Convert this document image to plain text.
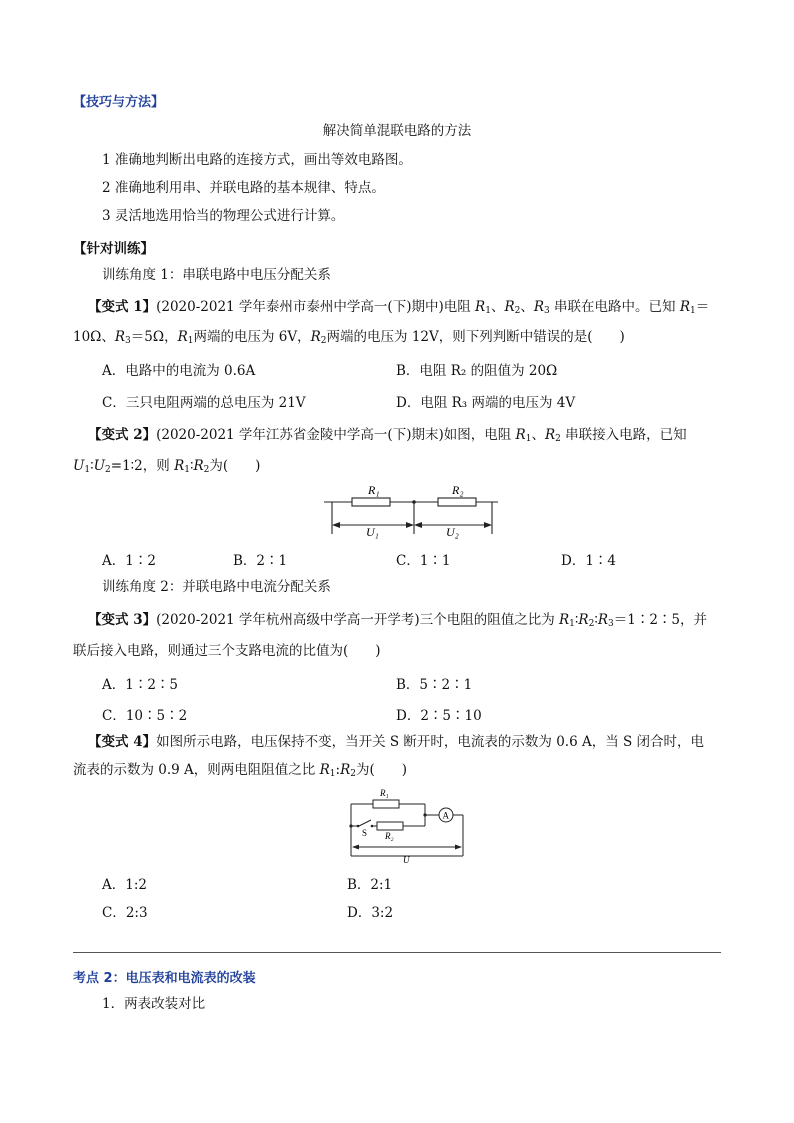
【技巧与方法】
解决简单混联电路的方法
1 准确地判断出电路的连接方式，画出等效电路图。
2 准确地利用串、并联电路的基本规律、特点。
3 灵活地选用恰当的物理公式进行计算。
【针对训练】
训练角度 1：串联电路中电压分配关系
【变式 1】(2020-2021 学年泰州市泰州中学高一(下)期中)电阻 $R_1$、$R_2$、$R_3$ 串联在电路中。已知 $R_1=$
10Ω、$R_3=5\Omega$，$R_1$两端的电压为 6V，$R_2$两端的电压为 12V，则下列判断中错误的是(　　)
A．电路中的电流为 0.6A	B．电阻 R₂ 的阻值为 20Ω
C．三只电阻两端的总电压为 21V	D．电阻 R₃ 两端的电压为 4V
【变式 2】(2020-2021 学年江苏省金陵中学高一(下)期末)如图，电阻 $R_1$、$R_2$ 串联接入电路，已知
$U_1∶U_2=1∶2$，则 $R_1∶R_2$为(　　)
R₁	R₂
U₁	U₂
A．1∶2	B．2∶1	C．1∶1	D．1∶4
训练角度 2：并联电路中电流分配关系
【变式 3】(2020-2021 学年杭州高级中学高一开学考)三个电阻的阻值之比为 $R_1∶R_2∶R_3=1∶2∶5$，并
联后接入电路，则通过三个支路电流的比值为(　　)
A．1∶2∶5	B．5∶2∶1
C．10∶5∶2	D．2∶5∶10
【变式 4】如图所示电路，电压保持不变，当开关 S 断开时，电流表的示数为 0.6 A，当 S 闭合时，电
流表的示数为 0.9 A，则两电阻阻值之比 $R_1:R_2$为(　　)
R₁
R₂
S
A
U
A．1:2	B．2:1
C．2:3	D．3:2
考点 2：电压表和电流表的改装
1．两表改装对比
